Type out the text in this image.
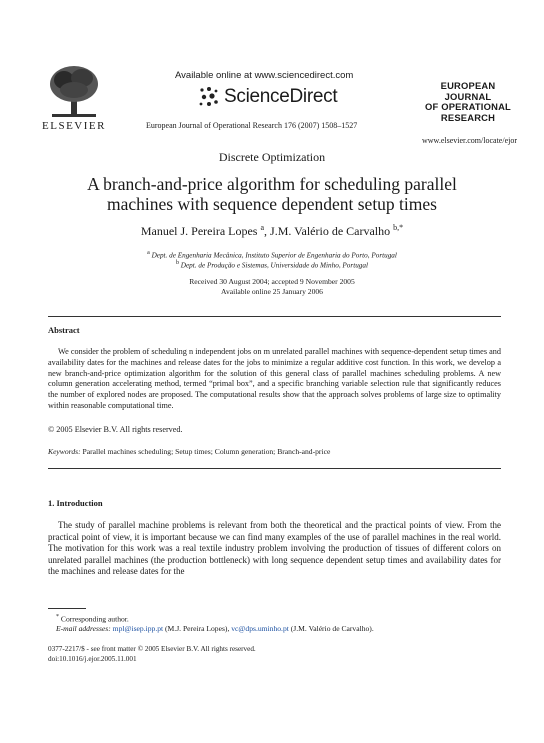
ELSEVIER
Available online at www.sciencedirect.com
ScienceDirect
European Journal of Operational Research 176 (2007) 1508–1527
EUROPEAN
JOURNAL
OF OPERATIONAL
RESEARCH
www.elsevier.com/locate/ejor
Discrete Optimization
A branch-and-price algorithm for scheduling parallel
machines with sequence dependent setup times
Manuel J. Pereira Lopes $^a$, J.M. Valério de Carvalho $^{b,*}$
$^a$ Dept. de Engenharia Mecânica, Instituto Superior de Engenharia do Porto, Portugal
$^b$ Dept. de Produção e Sistemas, Universidade do Minho, Portugal
Received 30 August 2004; accepted 9 November 2005
Available online 25 January 2006
Abstract
We consider the problem of scheduling n independent jobs on m unrelated parallel machines with sequence-dependent setup times and availability dates for the machines and release dates for the jobs to minimize a regular additive cost function. In this work, we develop a new branch-and-price optimization algorithm for the solution of this general class of parallel machines scheduling problems. A new column generation accelerating method, termed “primal box”, and a specific branching variable selection rule that significantly reduces the number of explored nodes are proposed. The computational results show that the approach solves problems of large size to optimality within reasonable computational time.
© 2005 Elsevier B.V. All rights reserved.
Keywords: Parallel machines scheduling; Setup times; Column generation; Branch-and-price
1. Introduction
The study of parallel machine problems is relevant from both the theoretical and the practical points of view. From the practical point of view, it is important because we can find many examples of the use of parallel machines in the real world. The motivation for this work was a real textile industry problem involving the production of tissues of different colors on unrelated parallel machines (the production bottleneck) with long sequence dependent setup times and availability dates for the machines and release dates for the
* Corresponding author.
E-mail addresses: mpl@isep.ipp.pt (M.J. Pereira Lopes), vc@dps.uminho.pt (J.M. Valério de Carvalho).
0377-2217/$ - see front matter © 2005 Elsevier B.V. All rights reserved.
doi:10.1016/j.ejor.2005.11.001
